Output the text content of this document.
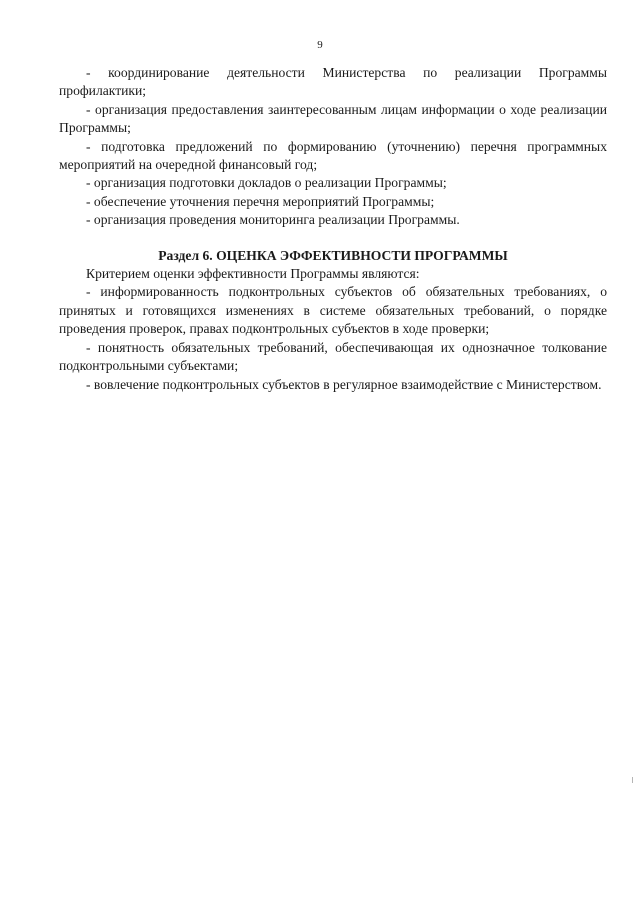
9

- координирование деятельности Министерства по реализации Программы профилактики;

- организация предоставления заинтересованным лицам информации о ходе реализации Программы;

- подготовка предложений по формированию (уточнению) перечня программных мероприятий на очередной финансовый год;

- организация подготовки докладов о реализации Программы;

- обеспечение уточнения перечня мероприятий Программы;

- организация проведения мониторинга реализации Программы.

Раздел 6. ОЦЕНКА ЭФФЕКТИВНОСТИ ПРОГРАММЫ

Критерием оценки эффективности Программы являются:

- информированность подконтрольных субъектов об обязательных требованиях, о принятых и готовящихся изменениях в системе обязательных требований, о порядке проведения проверок, правах подконтрольных субъектов в ходе проверки;

- понятность обязательных требований, обеспечивающая их однозначное толкование подконтрольными субъектами;

- вовлечение подконтрольных субъектов в регулярное взаимодействие с Министерством.
